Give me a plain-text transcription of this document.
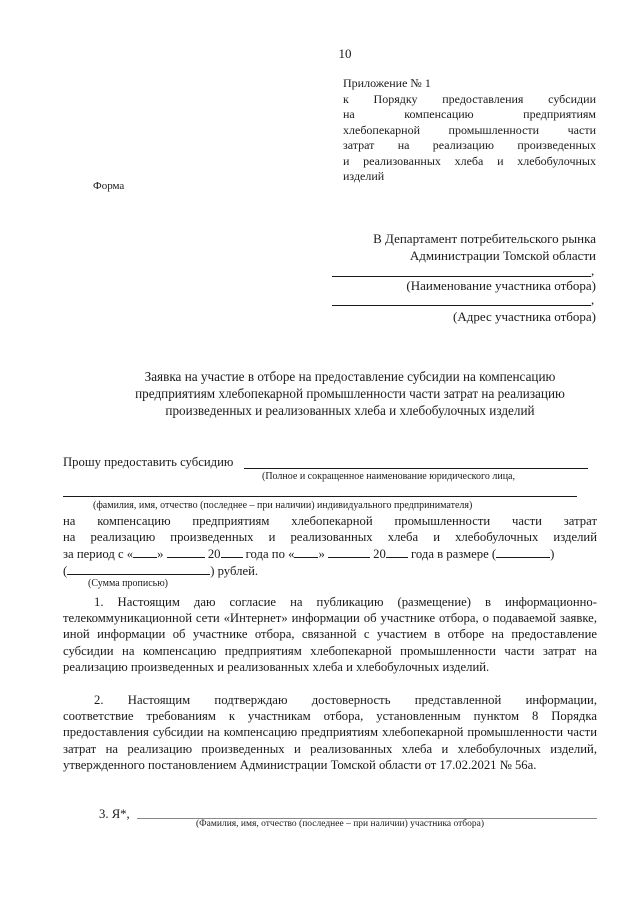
10
Приложение № 1
к Порядку предоставления субсидии
на компенсацию предприятиям
хлебопекарной промышленности части
затрат на реализацию произведенных
и реализованных хлеба и хлебобулочных
изделий
Форма
В Департамент потребительского рынка
Администрации Томской области
,
(Наименование участника отбора)
,
(Адрес участника отбора)
Заявка на участие в отборе на предоставление субсидии на компенсацию
предприятиям хлебопекарной промышленности части затрат на реализацию
произведенных и реализованных хлеба и хлебобулочных изделий
Прошу предоставить субсидию
(Полное и сокращенное наименование юридического лица,
(фамилия, имя, отчество (последнее – при наличии) индивидуального предпринимателя)
на компенсацию предприятиям хлебопекарной промышленности части затрат
на реализацию произведенных и реализованных хлеба и хлебобулочных изделий
за период с « »	20 года по « »	20 года в размере (	)
(	) рублей.
(Сумма прописью)
1. Настоящим даю согласие на публикацию (размещение) в информационно-
телекоммуникационной сети «Интернет» информации об участнике отбора, о подаваемой заявке, иной информации об участнике отбора, связанной с участием в отборе на предоставление субсидии на компенсацию предприятиям хлебопекарной промышленности части затрат на реализацию произведенных и реализованных хлеба и хлебобулочных изделий.
2. Настоящим подтверждаю достоверность представленной информации,
соответствие требованиям к участникам отбора, установленным пунктом 8 Порядка предоставления субсидии на компенсацию предприятиям хлебопекарной промышленности части затрат на реализацию произведенных и реализованных хлеба и хлебобулочных изделий, утвержденного постановлением Администрации Томской области от 17.02.2021 № 56а.
3. Я*,
(Фамилия, имя, отчество (последнее – при наличии) участника отбора)
